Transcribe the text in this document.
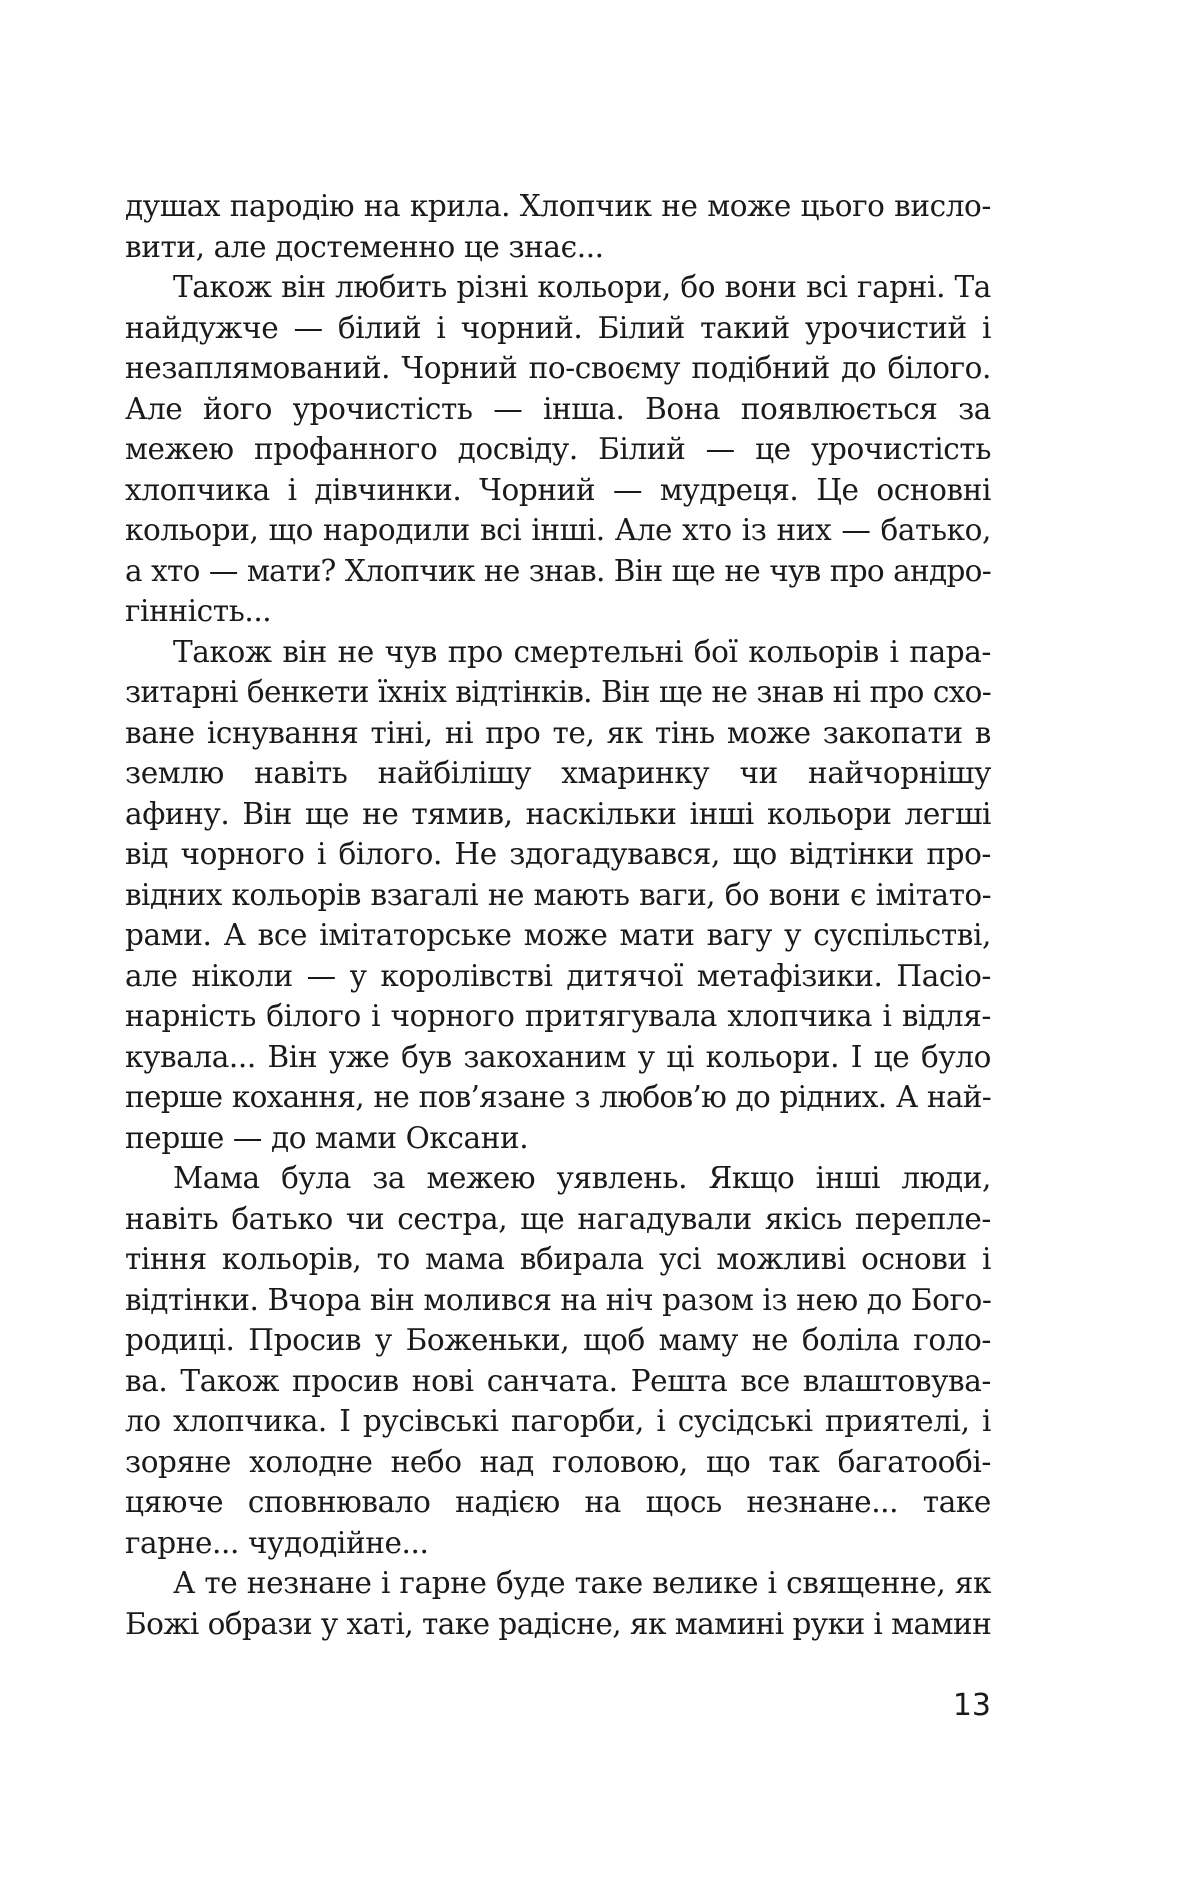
душах пародію на крила. Хлопчик не може цього висло-
вити, але достеменно це знає...
Також він любить різні кольори, бо вони всі гарні. Та
найдужче — білий і чорний. Білий такий урочистий і
незаплямований. Чорний по-своєму подібний до білого.
Але його урочистість — інша. Вона появлюється за
межею профанного досвіду. Білий — це урочистість
хлопчика і дівчинки. Чорний — мудреця. Це основні
кольори, що народили всі інші. Але хто із них — батько,
а хто — мати? Хлопчик не знав. Він ще не чув про андро-
гінність...
Також він не чув про смертельні бої кольорів і пара-
зитарні бенкети їхніх відтінків. Він ще не знав ні про схо-
ване існування тіні, ні про те, як тінь може закопати в
землю навіть найбілішу хмаринку чи найчорнішу
афину. Він ще не тямив, наскільки інші кольори легші
від чорного і білого. Не здогадувався, що відтінки про-
відних кольорів взагалі не мають ваги, бо вони є імітато-
рами. А все імітаторське може мати вагу у суспільстві,
але ніколи — у королівстві дитячої метафізики. Пасіо-
нарність білого і чорного притягувала хлопчика і відля-
кувала... Він уже був закоханим у ці кольори. І це було
перше кохання, не пов’язане з любов’ю до рідних. А най-
перше — до мами Оксани.
Мама була за межею уявлень. Якщо інші люди,
навіть батько чи сестра, ще нагадували якісь перепле-
тіння кольорів, то мама вбирала усі можливі основи і
відтінки. Вчора він молився на ніч разом із нею до Бого-
родиці. Просив у Боженьки, щоб маму не боліла голо-
ва. Також просив нові санчата. Решта все влаштовува-
ло хлопчика. І русівські пагорби, і сусідські приятелі, і
зоряне холодне небо над головою, що так багатообі-
цяюче сповнювало надією на щось незнане... таке
гарне... чудодійне...
А те незнане і гарне буде таке велике і священне, як
Божі образи у хаті, таке радісне, як мамині руки і мамин
13
